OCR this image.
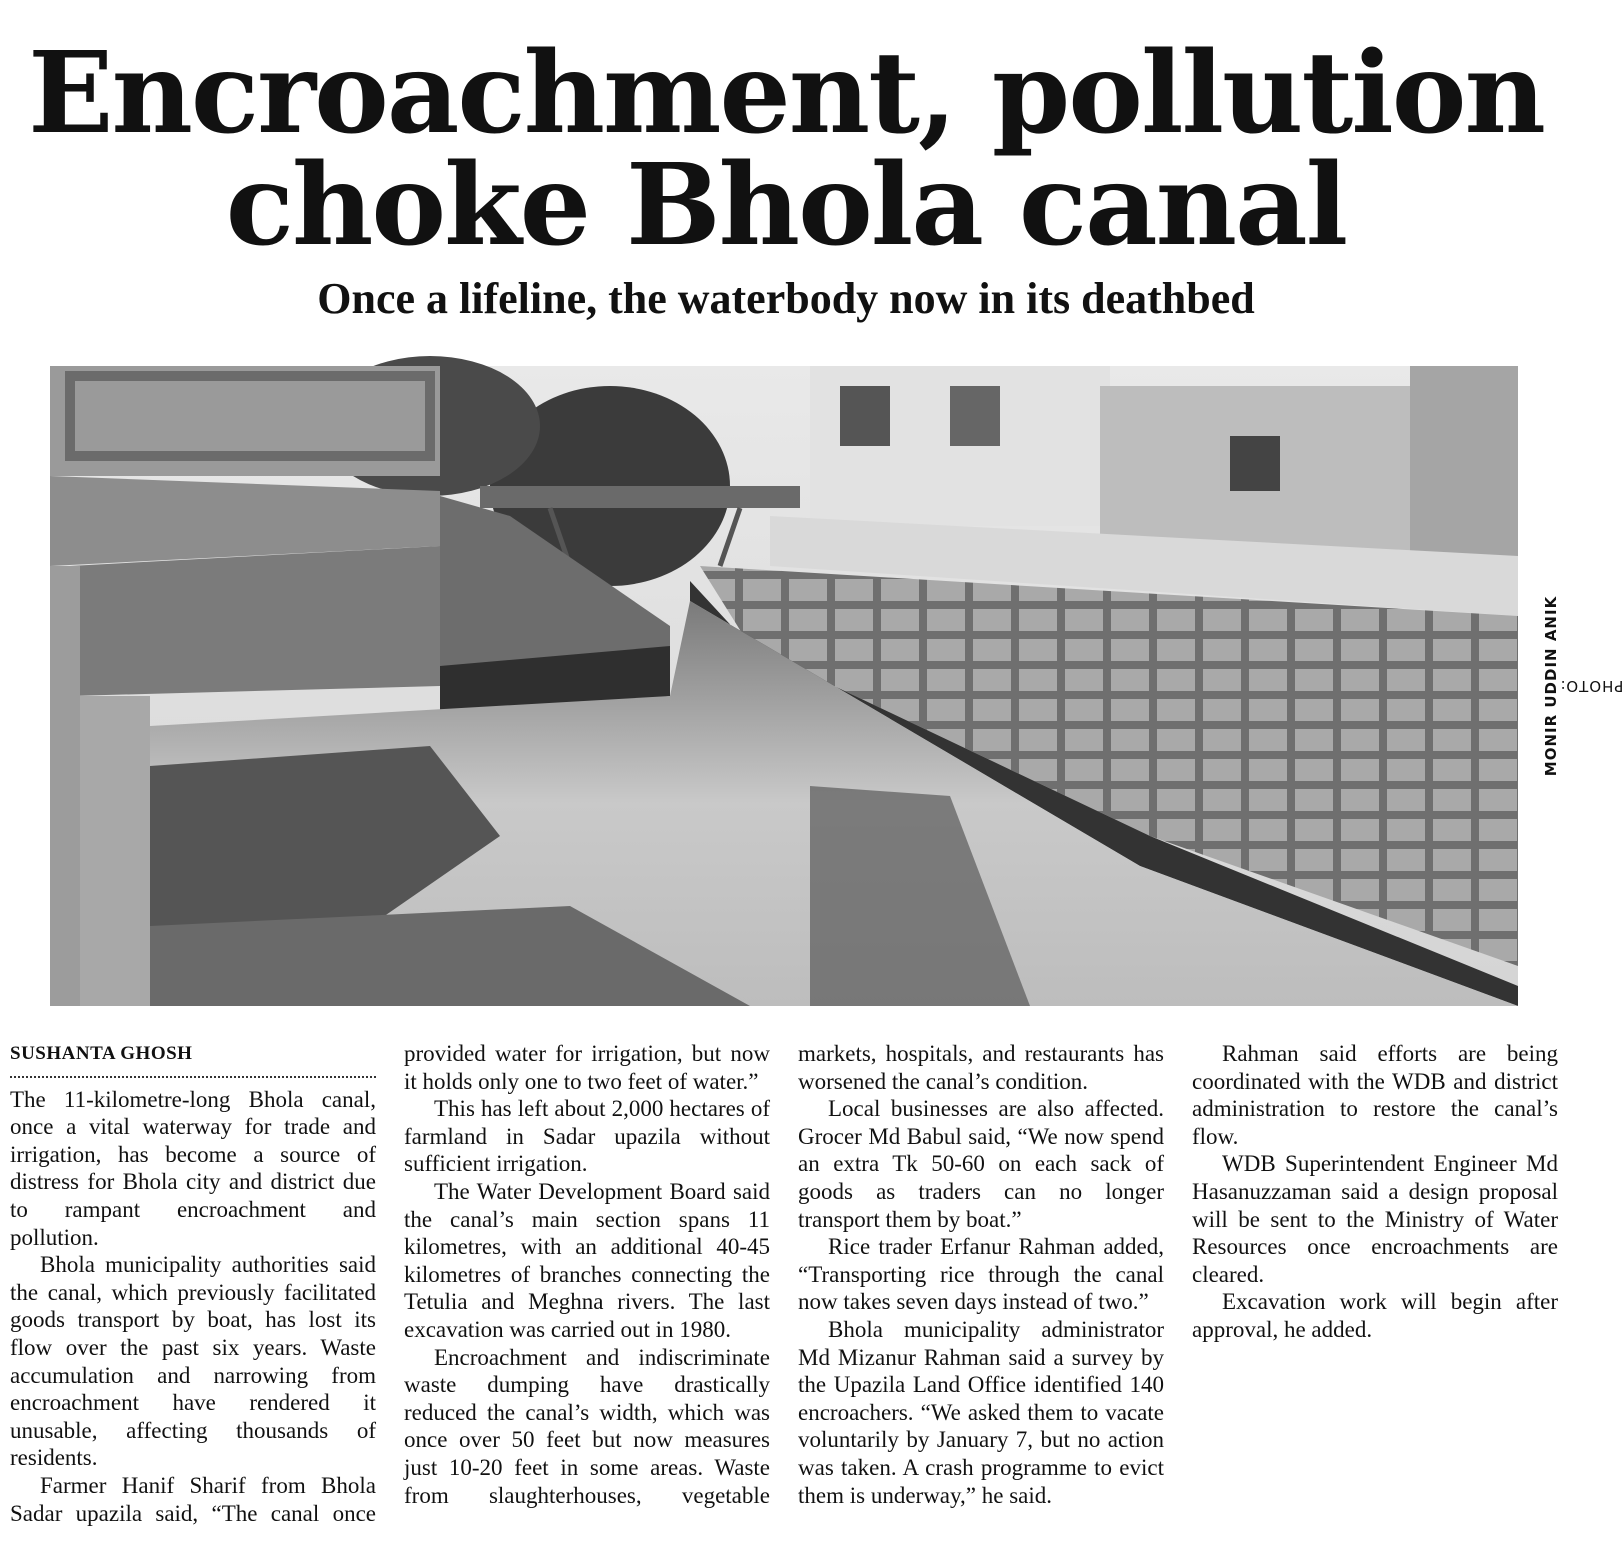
Encroachment, pollution
choke Bhola canal
Once a lifeline, the waterbody now in its deathbed
PHOTO:
MONIR UDDIN ANIK
SUSHANTA GHOSH

The 11-kilometre-long Bhola canal, once a vital waterway for trade and irrigation, has become a source of distress for Bhola city and district due to rampant encroachment and pollution.

Bhola municipality authorities said the canal, which previously facilitated goods transport by boat, has lost its flow over the past six years. Waste accumulation and narrowing from encroachment have rendered it unusable, affecting thousands of residents.

Farmer Hanif Sharif from Bhola Sadar upazila said, “The canal once provided water for irrigation, but now it holds only one to two feet of water.”

This has left about 2,000 hectares of farmland in Sadar upazila without sufficient irrigation.

The Water Development Board said the canal’s main section spans 11 kilometres, with an additional 40-45 kilometres of branches connecting the Tetulia and Meghna rivers. The last excavation was carried out in 1980.

Encroachment and indiscriminate waste dumping have drastically reduced the canal’s width, which was once over 50 feet but now measures just 10-20 feet in some areas. Waste from slaughterhouses, vegetable markets, hospitals, and restaurants has worsened the canal’s condition.

Local businesses are also affected. Grocer Md Babul said, “We now spend an extra Tk 50-60 on each sack of goods as traders can no longer transport them by boat.”

Rice trader Erfanur Rahman added, “Transporting rice through the canal now takes seven days instead of two.”

Bhola municipality administrator Md Mizanur Rahman said a survey by the Upazila Land Office identified 140 encroachers. “We asked them to vacate voluntarily by January 7, but no action was taken. A crash programme to evict them is underway,” he said.

Rahman said efforts are being coordinated with the WDB and district administration to restore the canal’s flow.

WDB Superintendent Engineer Md Hasanuzzaman said a design proposal will be sent to the Ministry of Water Resources once encroachments are cleared.

Excavation work will begin after approval, he added.
